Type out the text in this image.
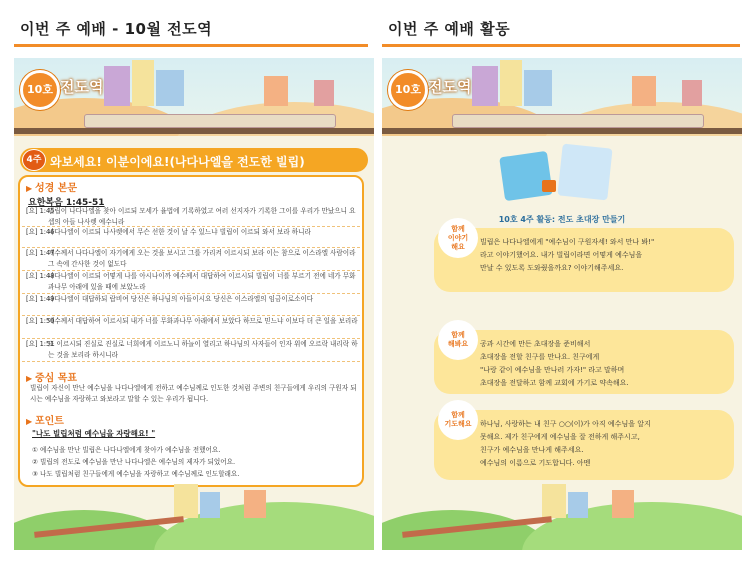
이번 주 예배 - 10월 전도역	이번 주 예배 활동
10호 전도역
4주 와보세요! 이분이에요!(나다나엘을 전도한 빌립)
▶ 성경 본문
요한복음 1:45-51
[요] 1:45
빌립이 나다나엘을 찾아 이르되 모세가 율법에 기록하였고 여러 선지자가 기록한 그이를 우리가 만났으니 요셉의 아들 나사렛 예수니라
[요] 1:46
나다나엘이 이르되 나사렛에서 무슨 선한 것이 날 수 있느냐 빌립이 이르되 와서 보라 하니라
[요] 1:47
예수께서 나다나엘이 자기에게 오는 것을 보시고 그를 가리켜 이르시되 보라 이는 참으로 이스라엘 사람이라 그 속에 간사한 것이 없도다
[요] 1:48
나다나엘이 이르되 어떻게 나를 아시나이까 예수께서 대답하여 이르시되 빌립이 너를 부르기 전에 네가 무화과나무 아래에 있을 때에 보았노라
[요] 1:49
나다나엘이 대답하되 랍비여 당신은 하나님의 아들이시요 당신은 이스라엘의 임금이로소이다
[요] 1:50
예수께서 대답하여 이르시되 내가 너를 무화과나무 아래에서 보았다 하므로 믿느냐 이보다 더 큰 일을 보리라
[요] 1:51
또 이르시되 진실로 진실로 너희에게 이르노니 하늘이 열리고 하나님의 사자들이 인자 위에 오르락 내리락 하는 것을 보리라 하시니라
▶ 중심 목표
빌립이 자신이 만난 예수님을 나다나엘에게 전하고 예수님께로 인도한 것처럼 주변의 친구들에게 우리의 구원자 되시는 예수님을 자랑하고 와보라고 말할 수 있는 우리가 됩니다.
▶ 포인트
"나도 빌립처럼 예수님을 자랑해요! "
① 예수님을 만난 빌립은 나다나엘에게 찾아가 예수님을 전했어요.
② 빌립의 전도로 예수님을 만난 나다나엘은 예수님의 제자가 되었어요.
③ 나도 빌립처럼 친구들에게 예수님을 자랑하고 예수님께로 인도할래요.
10호 전도역
10호 4주 활동: 전도 초대장 만들기
함께
이야기
해요
빌립은 나다나엘에게 "예수님이 구원자세! 와서 만나 봐!"
라고 이야기했어요. 내가 빌립이라면 어떻게 예수님을
만날 수 있도록 도와줬을까요? 이야기해주세요.
함께
해봐요 공과 시간에 만든 초대장을 준비해서
초대장을 전할 친구를 만나요. 친구에게
"나랑 같이 예수님을 만나러 가자!" 라고 말하며
초대장을 전달하고 함께 교회에 가기로 약속해요.
함께
기도해요 하나님, 사랑하는 내 친구 ○○(이)가 아직 예수님을 알지
못해요. 제가 친구에게 예수님을 잘 전하게 해주시고,
친구가 예수님을 만나게 해주세요.
예수님의 이름으로 기도합니다. 아멘
